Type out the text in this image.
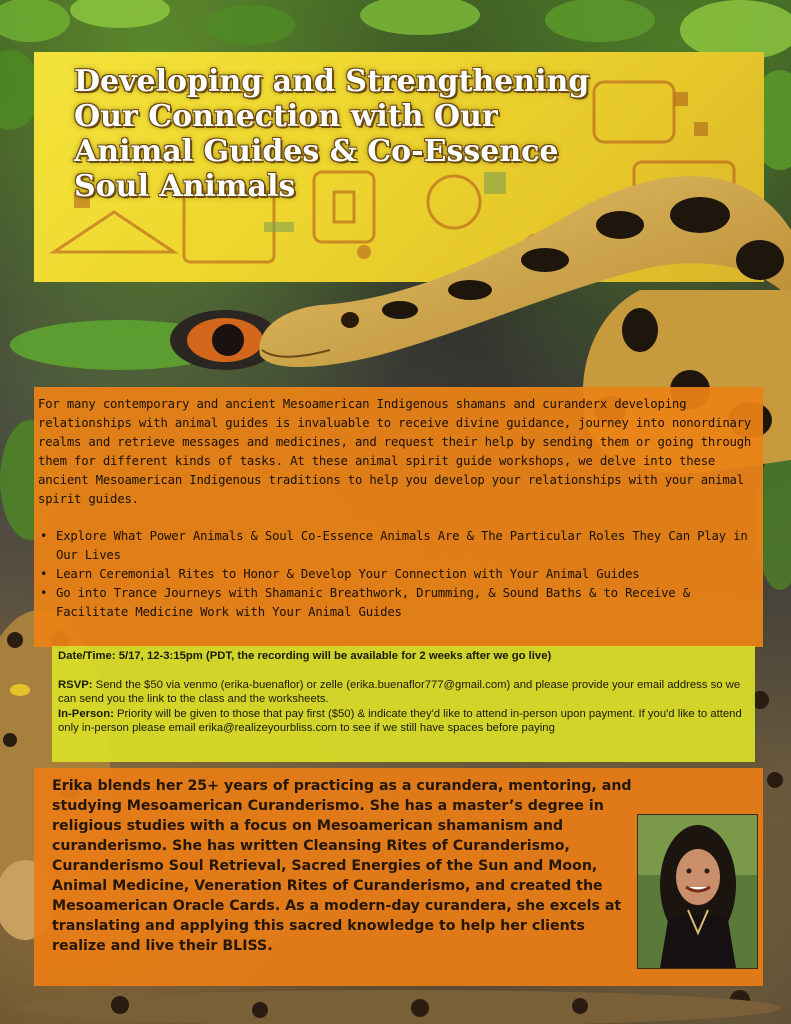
Developing and Strengthening
Our Connection with Our
Animal Guides & Co-Essence
Soul Animals

For many contemporary and ancient Mesoamerican Indigenous shamans and curanderx developing relationships with animal guides is invaluable to receive divine guidance, journey into nonordinary realms and retrieve messages and medicines, and request their help by sending them or going through them for different kinds of tasks. At these animal spirit guide workshops, we delve into these ancient Mesoamerican Indigenous traditions to help you develop your relationships with your animal spirit guides.

• Explore What Power Animals & Soul Co-Essence Animals Are & The Particular Roles They Can Play in Our Lives
• Learn Ceremonial Rites to Honor & Develop Your Connection with Your Animal Guides
• Go into Trance Journeys with Shamanic Breathwork, Drumming, & Sound Baths & to Receive & Facilitate Medicine Work with Your Animal Guides

Date/Time: 5/17, 12-3:15pm (PDT, the recording will be available for 2 weeks after we go live)

RSVP: Send the $50 via venmo (erika-buenaflor) or zelle (erika.buenaflor777@gmail.com) and please provide your email address so we can send you the link to the class and the worksheets.

In-Person: Priority will be given to those that pay first ($50) & indicate they'd like to attend in-person upon payment. If you'd like to attend only in-person please email erika@realizeyourbliss.com to see if we still have spaces before paying

Erika blends her 25+ years of practicing as a curandera, mentoring, and studying Mesoamerican Curanderismo. She has a master’s degree in religious studies with a focus on Mesoamerican shamanism and curanderismo. She has written Cleansing Rites of Curanderismo, Curanderismo Soul Retrieval, Sacred Energies of the Sun and Moon, Animal Medicine, Veneration Rites of Curanderismo, and created the Mesoamerican Oracle Cards. As a modern-day curandera, she excels at translating and applying this sacred knowledge to help her clients realize and live their BLISS.
